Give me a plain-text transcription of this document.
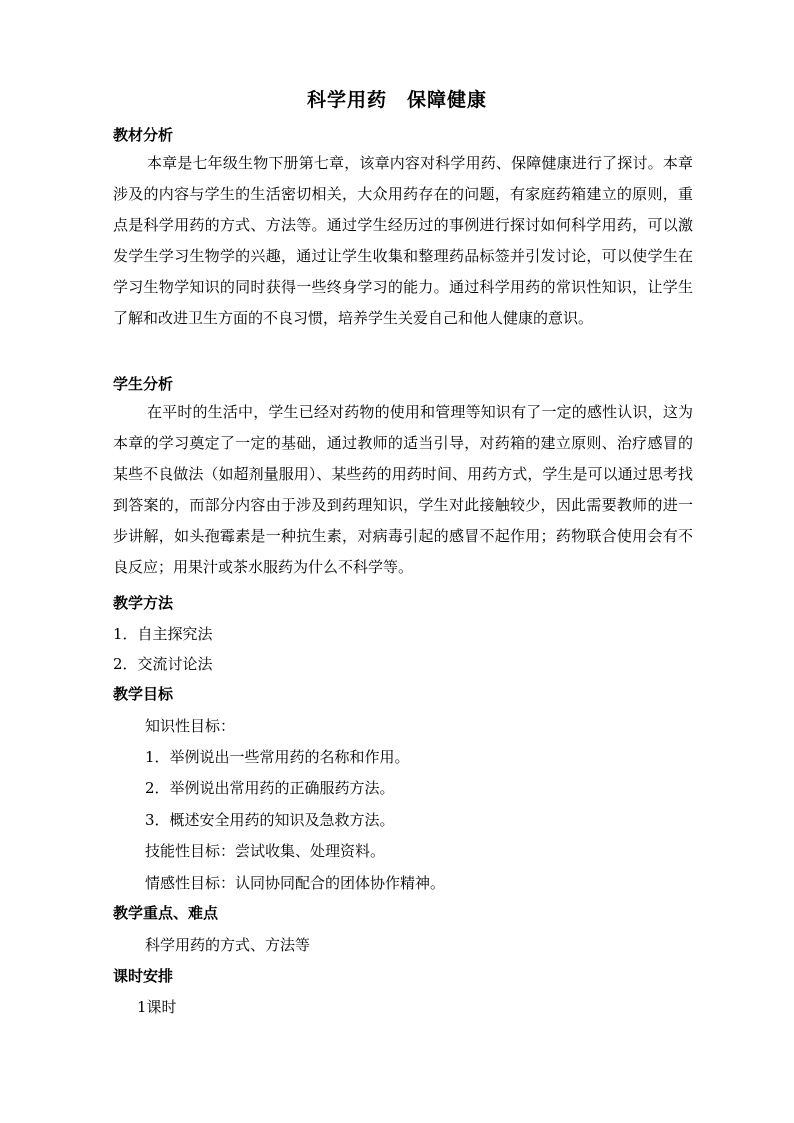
科学用药 保障健康
教材分析
本章是七年级生物下册第七章，该章内容对科学用药、保障健康进行了探讨。本章涉及的内容与学生的生活密切相关，大众用药存在的问题，有家庭药箱建立的原则，重点是科学用药的方式、方法等。通过学生经历过的事例进行探讨如何科学用药，可以激发学生学习生物学的兴趣，通过让学生收集和整理药品标签并引发讨论，可以使学生在学习生物学知识的同时获得一些终身学习的能力。通过科学用药的常识性知识，让学生了解和改进卫生方面的不良习惯，培养学生关爱自己和他人健康的意识。
学生分析
在平时的生活中，学生已经对药物的使用和管理等知识有了一定的感性认识，这为本章的学习奠定了一定的基础，通过教师的适当引导，对药箱的建立原则、治疗感冒的某些不良做法（如超剂量服用）、某些药的用药时间、用药方式，学生是可以通过思考找到答案的，而部分内容由于涉及到药理知识，学生对此接触较少，因此需要教师的进一步讲解，如头孢霉素是一种抗生素，对病毒引起的感冒不起作用；药物联合使用会有不良反应；用果汁或茶水服药为什么不科学等。
教学方法
1．自主探究法
2．交流讨论法
教学目标
知识性目标：
1．举例说出一些常用药的名称和作用。
2．举例说出常用药的正确服药方法。
3．概述安全用药的知识及急救方法。
技能性目标：尝试收集、处理资料。
情感性目标：认同协同配合的团体协作精神。
教学重点、难点
科学用药的方式、方法等
课时安排
1课时
